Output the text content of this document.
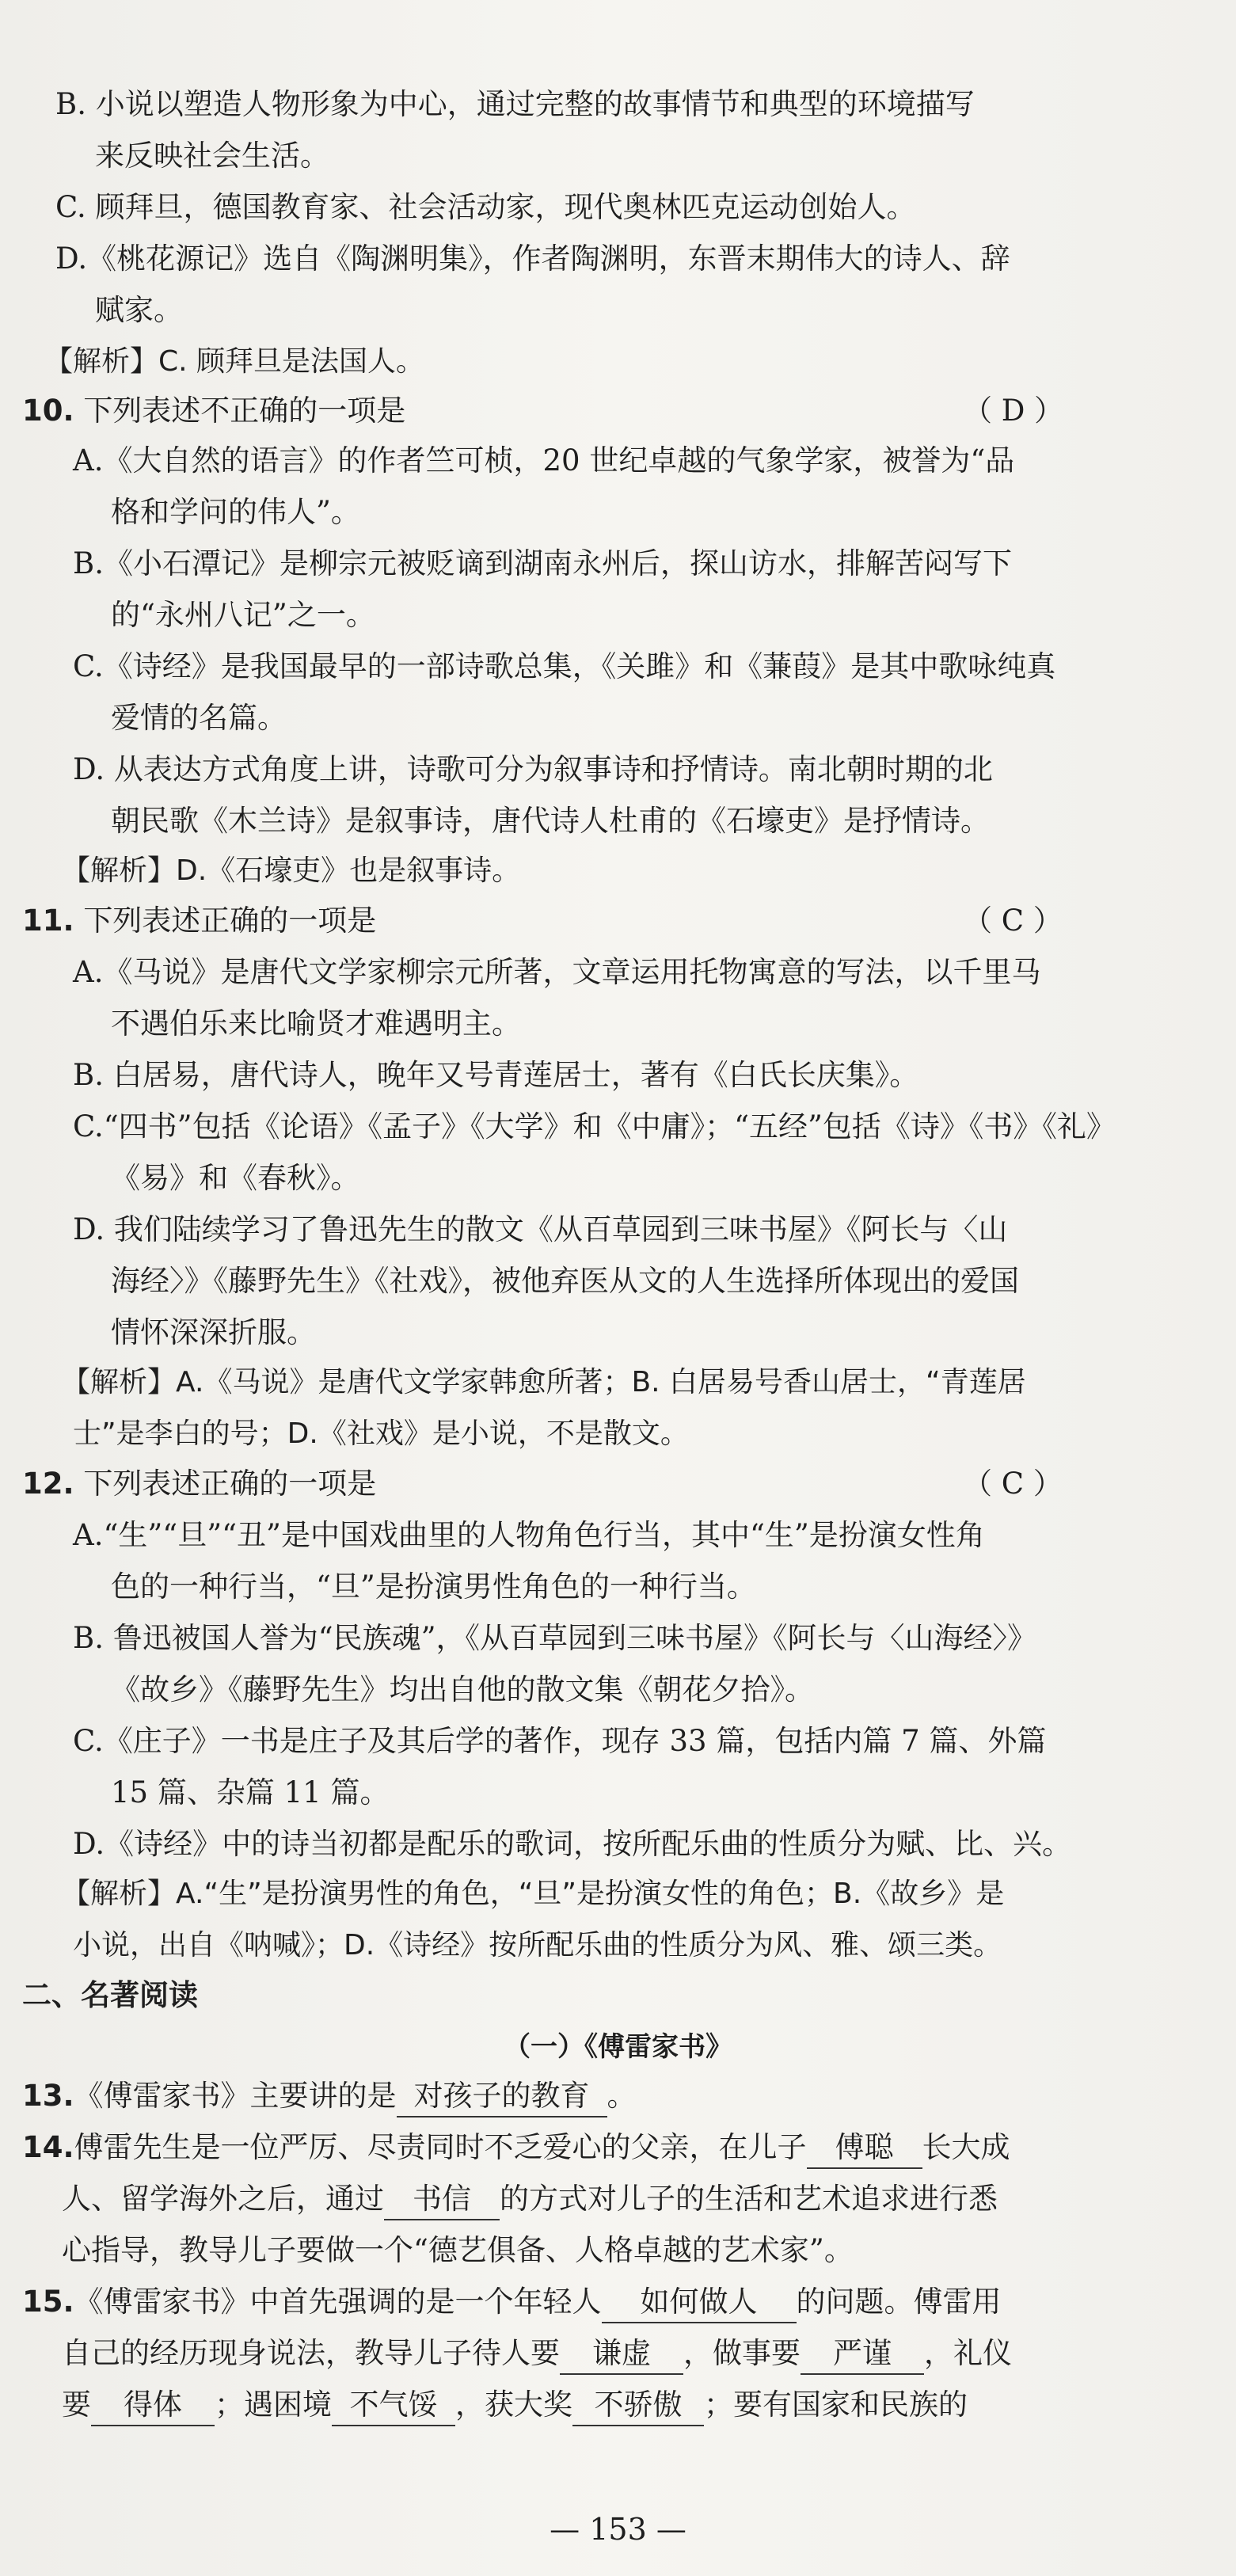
B. 小说以塑造人物形象为中心，通过完整的故事情节和典型的环境描写
来反映社会生活。
C. 顾拜旦，德国教育家、社会活动家，现代奥林匹克运动创始人。
D.《桃花源记》选自《陶渊明集》，作者陶渊明，东晋末期伟大的诗人、辞
赋家。
【解析】C. 顾拜旦是法国人。
10. 下列表述不正确的一项是	（ D ）
A.《大自然的语言》的作者竺可桢，20 世纪卓越的气象学家，被誉为“品
格和学问的伟人”。
B.《小石潭记》是柳宗元被贬谪到湖南永州后，探山访水，排解苦闷写下
的“永州八记”之一。
C.《诗经》是我国最早的一部诗歌总集，《关雎》和《蒹葭》是其中歌咏纯真
爱情的名篇。
D. 从表达方式角度上讲，诗歌可分为叙事诗和抒情诗。南北朝时期的北
朝民歌《木兰诗》是叙事诗，唐代诗人杜甫的《石壕吏》是抒情诗。
【解析】D.《石壕吏》也是叙事诗。
11. 下列表述正确的一项是	（ C ）
A.《马说》是唐代文学家柳宗元所著，文章运用托物寓意的写法，以千里马
不遇伯乐来比喻贤才难遇明主。
B. 白居易，唐代诗人，晚年又号青莲居士，著有《白氏长庆集》。
C.“四书”包括《论语》《孟子》《大学》和《中庸》；“五经”包括《诗》《书》《礼》
《易》和《春秋》。
D. 我们陆续学习了鲁迅先生的散文《从百草园到三味书屋》《阿长与〈山
海经〉》《藤野先生》《社戏》，被他弃医从文的人生选择所体现出的爱国
情怀深深折服。
【解析】A.《马说》是唐代文学家韩愈所著；B. 白居易号香山居士，“青莲居
士”是李白的号；D.《社戏》是小说，不是散文。
12. 下列表述正确的一项是	（ C ）
A.“生”“旦”“丑”是中国戏曲里的人物角色行当，其中“生”是扮演女性角
色的一种行当，“旦”是扮演男性角色的一种行当。
B. 鲁迅被国人誉为“民族魂”，《从百草园到三味书屋》《阿长与〈山海经〉》
《故乡》《藤野先生》均出自他的散文集《朝花夕拾》。
C.《庄子》一书是庄子及其后学的著作，现存 33 篇，包括内篇 7 篇、外篇
15 篇、杂篇 11 篇。
D.《诗经》中的诗当初都是配乐的歌词，按所配乐曲的性质分为赋、比、兴。
【解析】A.“生”是扮演男性的角色，“旦”是扮演女性的角色；B.《故乡》是
小说，出自《呐喊》；D.《诗经》按所配乐曲的性质分为风、雅、颂三类。
二、名著阅读
（一）《傅雷家书》
13.《傅雷家书》主要讲的是 对孩子的教育 。
14.傅雷先生是一位严厉、尽责同时不乏爱心的父亲，在儿子 傅聪 长大成
人、留学海外之后，通过 书信 的方式对儿子的生活和艺术追求进行悉
心指导，教导儿子要做一个“德艺俱备、人格卓越的艺术家”。
15.《傅雷家书》中首先强调的是一个年轻人 如何做人 的问题。傅雷用
自己的经历现身说法，教导儿子待人要 谦虚 ，做事要 严谨 ，礼仪
要 得体 ；遇困境 不气馁 ，获大奖 不骄傲 ；要有国家和民族的
— 153 —
